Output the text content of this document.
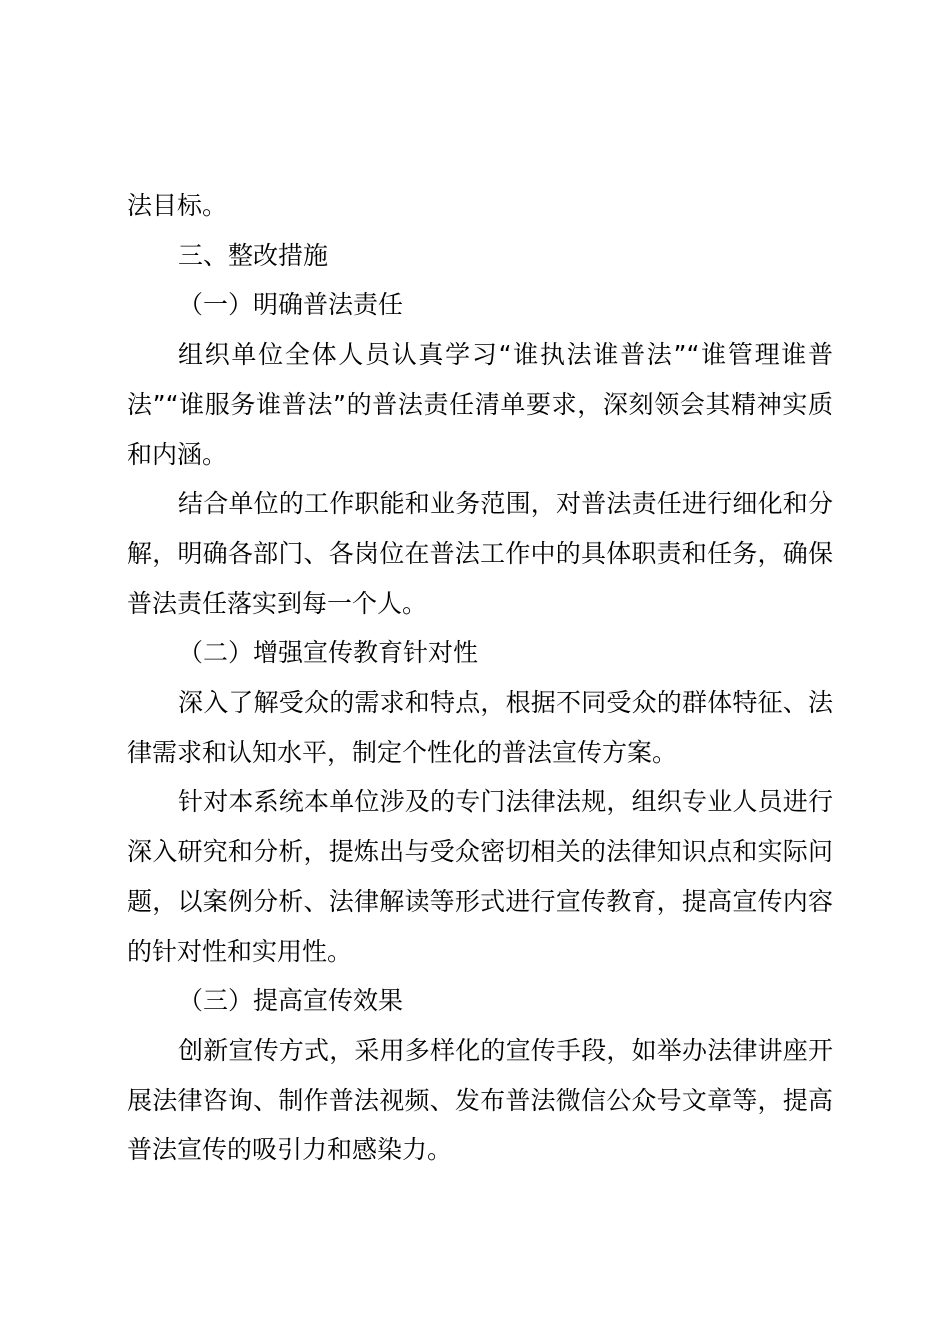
法目标。

三、整改措施

（一）明确普法责任

组织单位全体人员认真学习“谁执法谁普法”“谁管理谁普法”“谁服务谁普法”的普法责任清单要求，深刻领会其精神实质和内涵。

结合单位的工作职能和业务范围，对普法责任进行细化和分解，明确各部门、各岗位在普法工作中的具体职责和任务，确保普法责任落实到每一个人。

（二）增强宣传教育针对性

深入了解受众的需求和特点，根据不同受众的群体特征、法律需求和认知水平，制定个性化的普法宣传方案。

针对本系统本单位涉及的专门法律法规，组织专业人员进行深入研究和分析，提炼出与受众密切相关的法律知识点和实际问题，以案例分析、法律解读等形式进行宣传教育，提高宣传内容的针对性和实用性。

（三）提高宣传效果

创新宣传方式，采用多样化的宣传手段，如举办法律讲座开展法律咨询、制作普法视频、发布普法微信公众号文章等，提高普法宣传的吸引力和感染力。
